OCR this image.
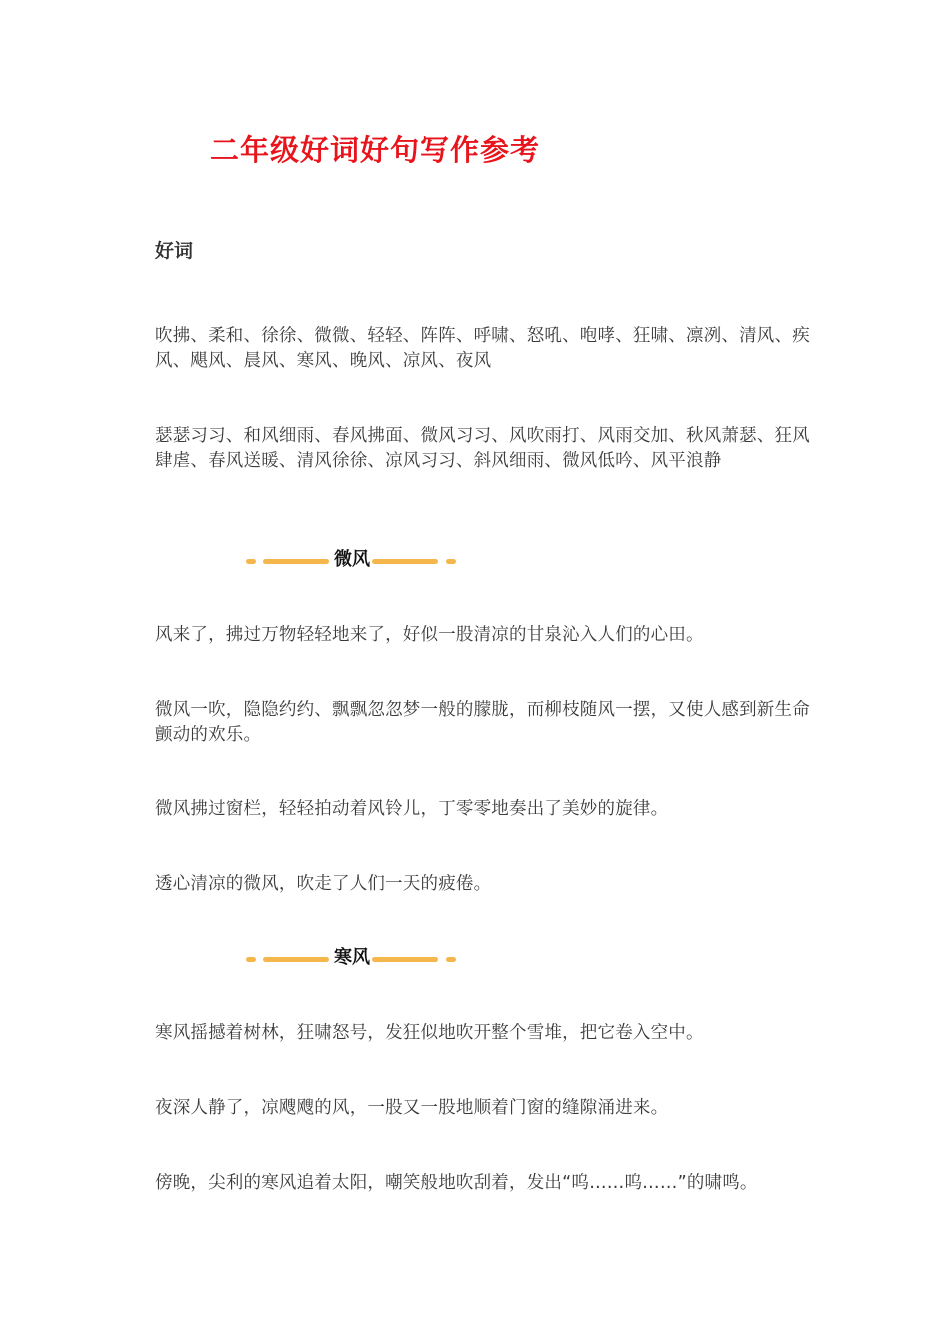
二年级好词好句写作参考
好词
吹拂、柔和、徐徐、微微、轻轻、阵阵、呼啸、怒吼、咆哮、狂啸、凛冽、清风、疾风、飓风、晨风、寒风、晚风、凉风、夜风
瑟瑟习习、和风细雨、春风拂面、微风习习、风吹雨打、风雨交加、秋风萧瑟、狂风肆虐、春风送暖、清风徐徐、凉风习习、斜风细雨、微风低吟、风平浪静
微风
风来了，拂过万物轻轻地来了，好似一股清凉的甘泉沁入人们的心田。
微风一吹，隐隐约约、飘飘忽忽梦一般的朦胧，而柳枝随风一摆，又使人感到新生命颤动的欢乐。
微风拂过窗栏，轻轻拍动着风铃儿，丁零零地奏出了美妙的旋律。
透心清凉的微风，吹走了人们一天的疲倦。
寒风
寒风摇撼着树林，狂啸怒号，发狂似地吹开整个雪堆，把它卷入空中。
夜深人静了，凉飕飕的风，一股又一股地顺着门窗的缝隙涌进来。
傍晚，尖利的寒风追着太阳，嘲笑般地吹刮着，发出“呜……呜……”的啸鸣。
